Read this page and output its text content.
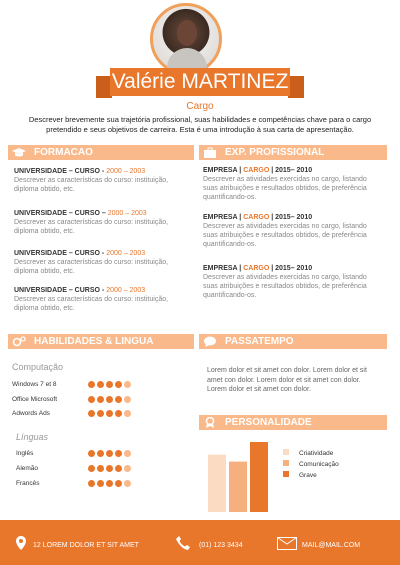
Valérie MARTINEZ
Cargo
Descrever brevemente sua trajetória profissional, suas habilidades e competências chave para o cargo pretendido e seus objetivos de carreira. Esta é uma introdução à sua carta de apresentação.
FORMACAO	EXP. PROFISSIONAL
UNIVERSIDADE – CURSO - 2000 – 2003
Descrever as características do curso: instituição, diploma obtido, etc.
UNIVERSIDADE – CURSO – 2000 – 2003
Descrever as características do curso: instituição, diploma obtido, etc.
UNIVERSIDADE – CURSO - 2000 – 2003
Descrever as características do curso: instituição, diploma obtido, etc.
UNIVERSIDADE – CURSO - 2000 – 2003
Descrever as características do curso: instituição, diploma obtido, etc.
EMPRESA | CARGO | 2015– 2010
Descrever as atividades exercidas no cargo, listando suas atribuições e resultados obtidos, de preferência quantificando-os.
EMPRESA | CARGO | 2015– 2010
Descrever as atividades exercidas no cargo, listando suas atribuições e resultados obtidos, de preferência quantificando-os.
EMPRESA | CARGO | 2015– 2010
Descrever as atividades exercidas no cargo, listando suas atribuições e resultados obtidos, de preferência quantificando-os.
HABILIDADES & LINGUA	PASSATEMPO
Computação
Windows 7 et 8
Office Microsoft
Adwords Ads
Línguas
Inglês
Alemão
Francês
Lorem dolor et sit amet con dolor. Lorem dolor et sit amet con dolor. Lorem dolor et sit amet con dolor. Lorem dolor et sit amet con dolor.
PERSONALIDADE
Criatividade
Comunicação
Grave
12 LOREM DOLOR ET SIT AMET	(01) 123 3434	MAIL@MAIL.COM
